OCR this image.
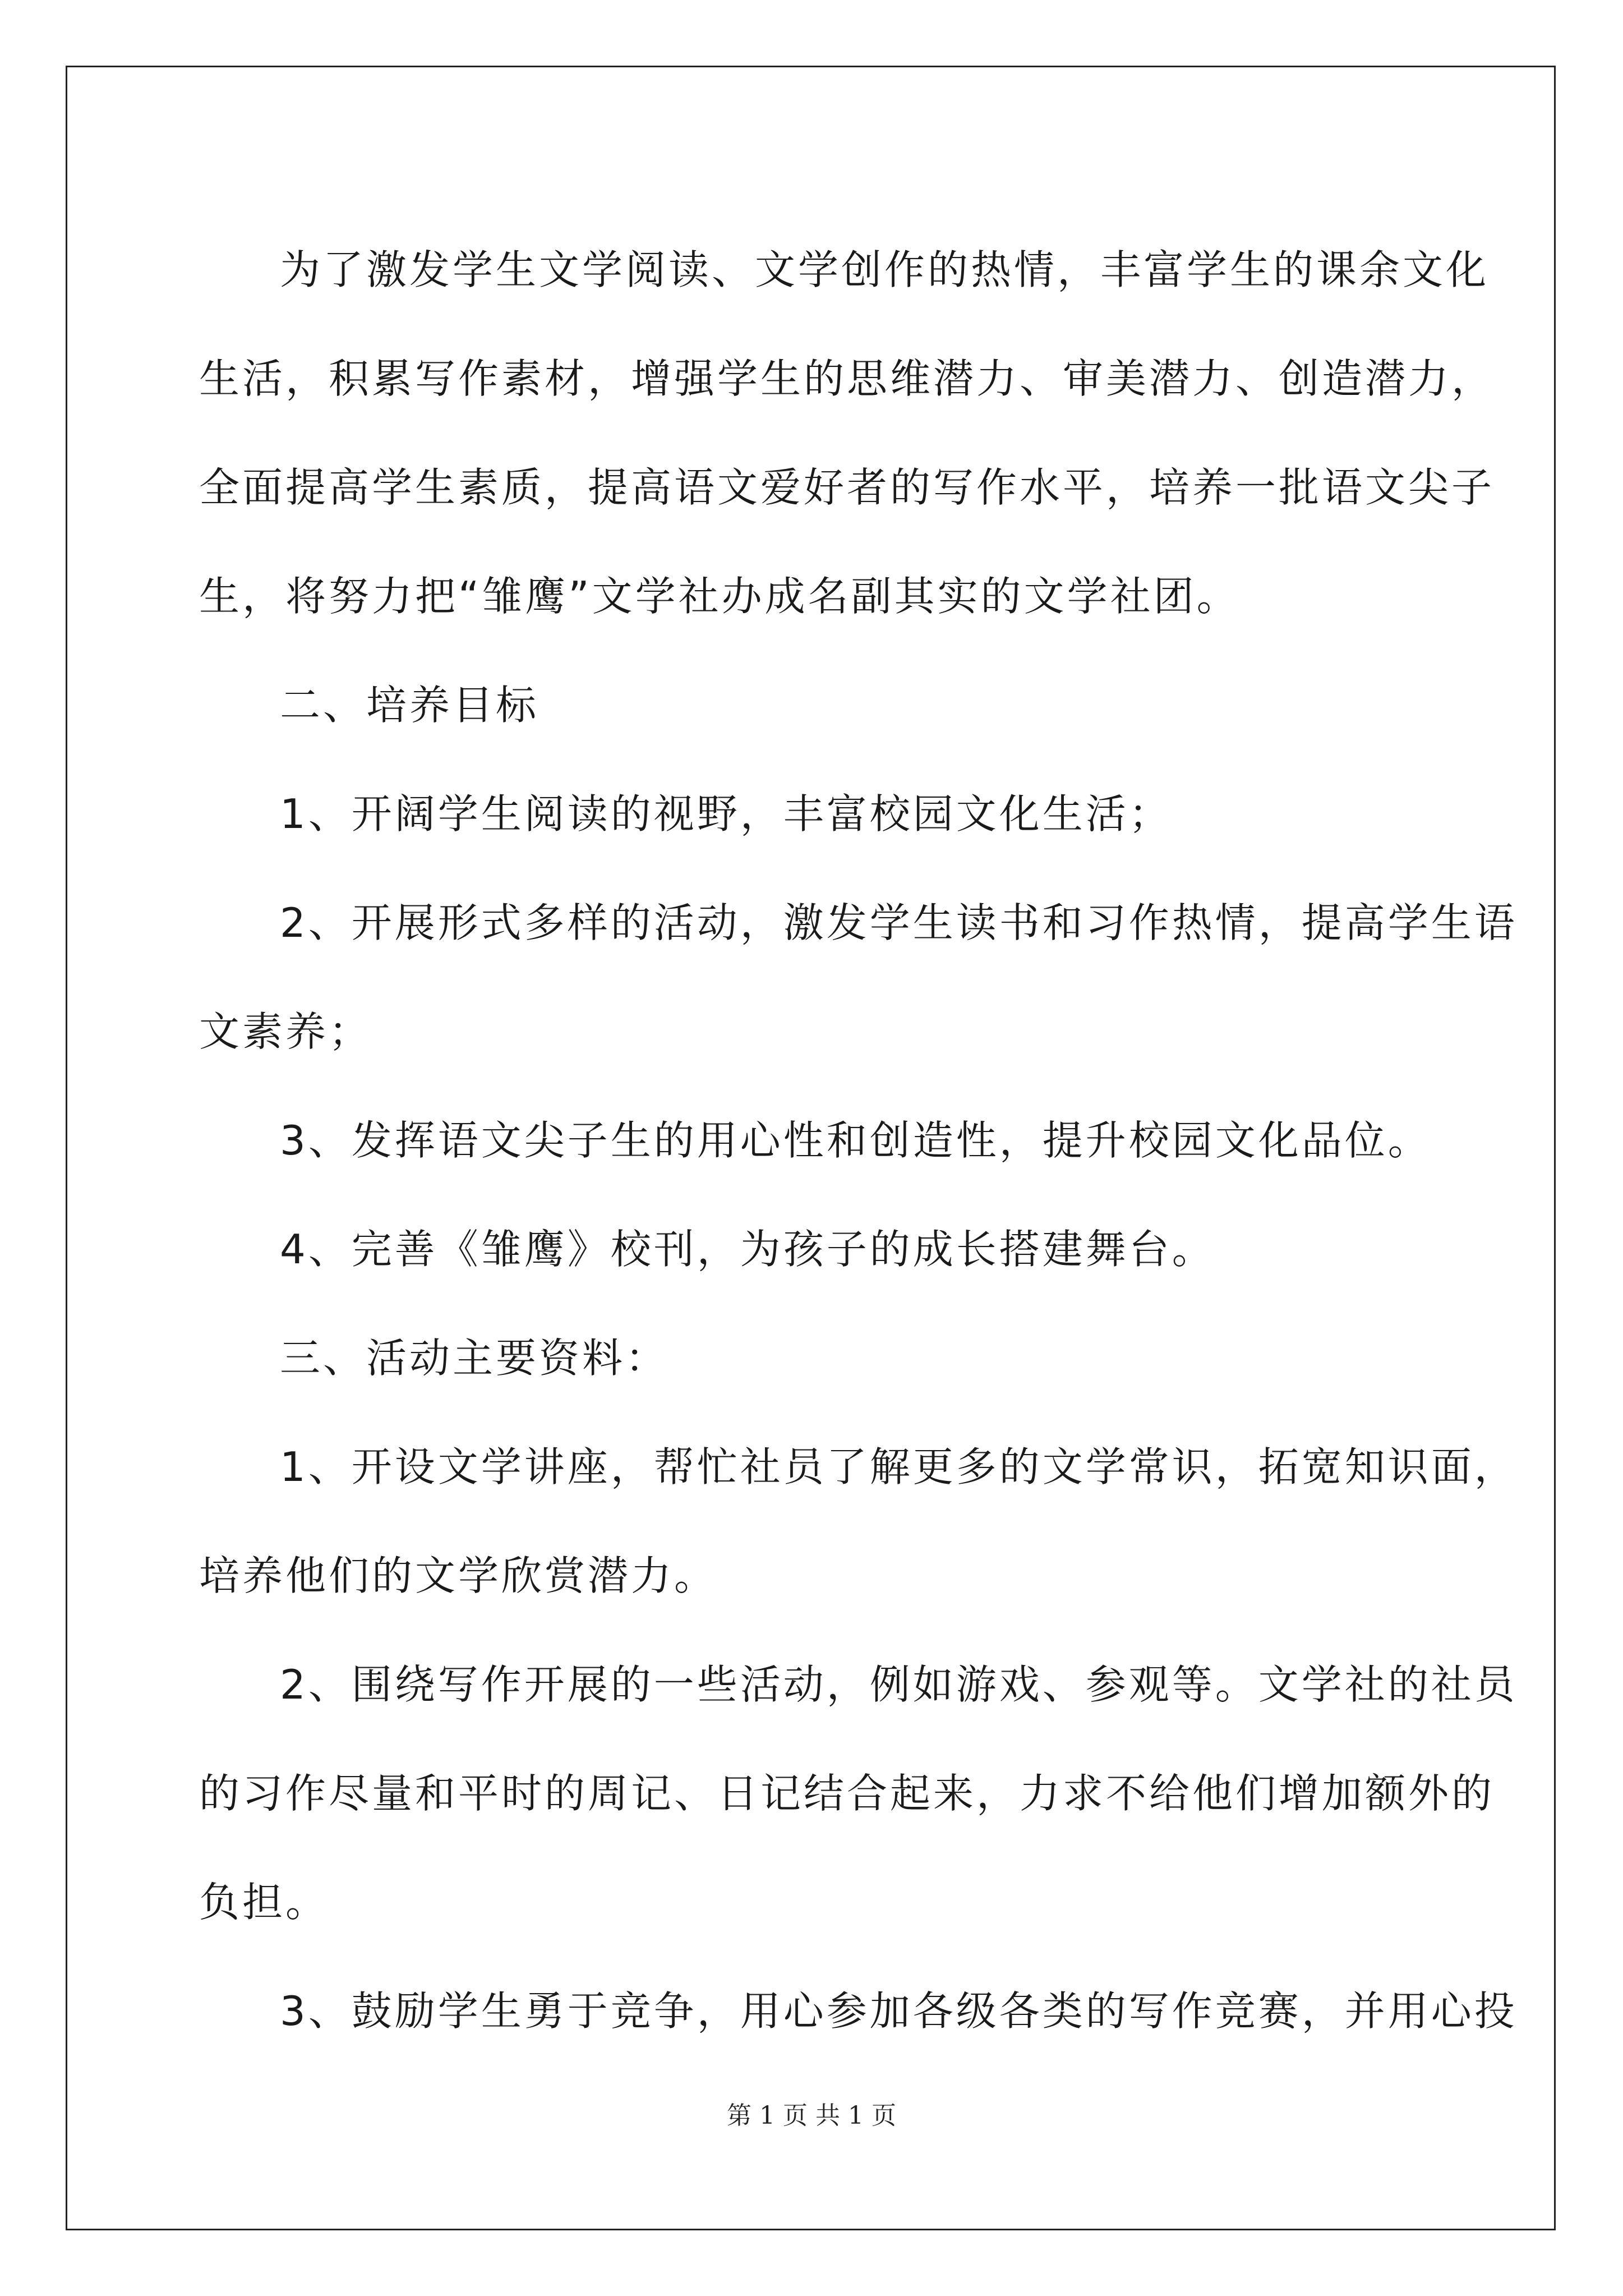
为了激发学生文学阅读、文学创作的热情，丰富学生的课余文化
生活，积累写作素材，增强学生的思维潜力、审美潜力、创造潜力，
全面提高学生素质，提高语文爱好者的写作水平，培养一批语文尖子
生，将努力把“雏鹰”文学社办成名副其实的文学社团。
二、培养目标
1、开阔学生阅读的视野，丰富校园文化生活；
2、开展形式多样的活动，激发学生读书和习作热情，提高学生语
文素养；
3、发挥语文尖子生的用心性和创造性，提升校园文化品位。
4、完善《雏鹰》校刊，为孩子的成长搭建舞台。
三、活动主要资料：
1、开设文学讲座，帮忙社员了解更多的文学常识，拓宽知识面，
培养他们的文学欣赏潜力。
2、围绕写作开展的一些活动，例如游戏、参观等。文学社的社员
的习作尽量和平时的周记、日记结合起来，力求不给他们增加额外的
负担。
3、鼓励学生勇于竞争，用心参加各级各类的写作竞赛，并用心投
第 1 页 共 1 页
